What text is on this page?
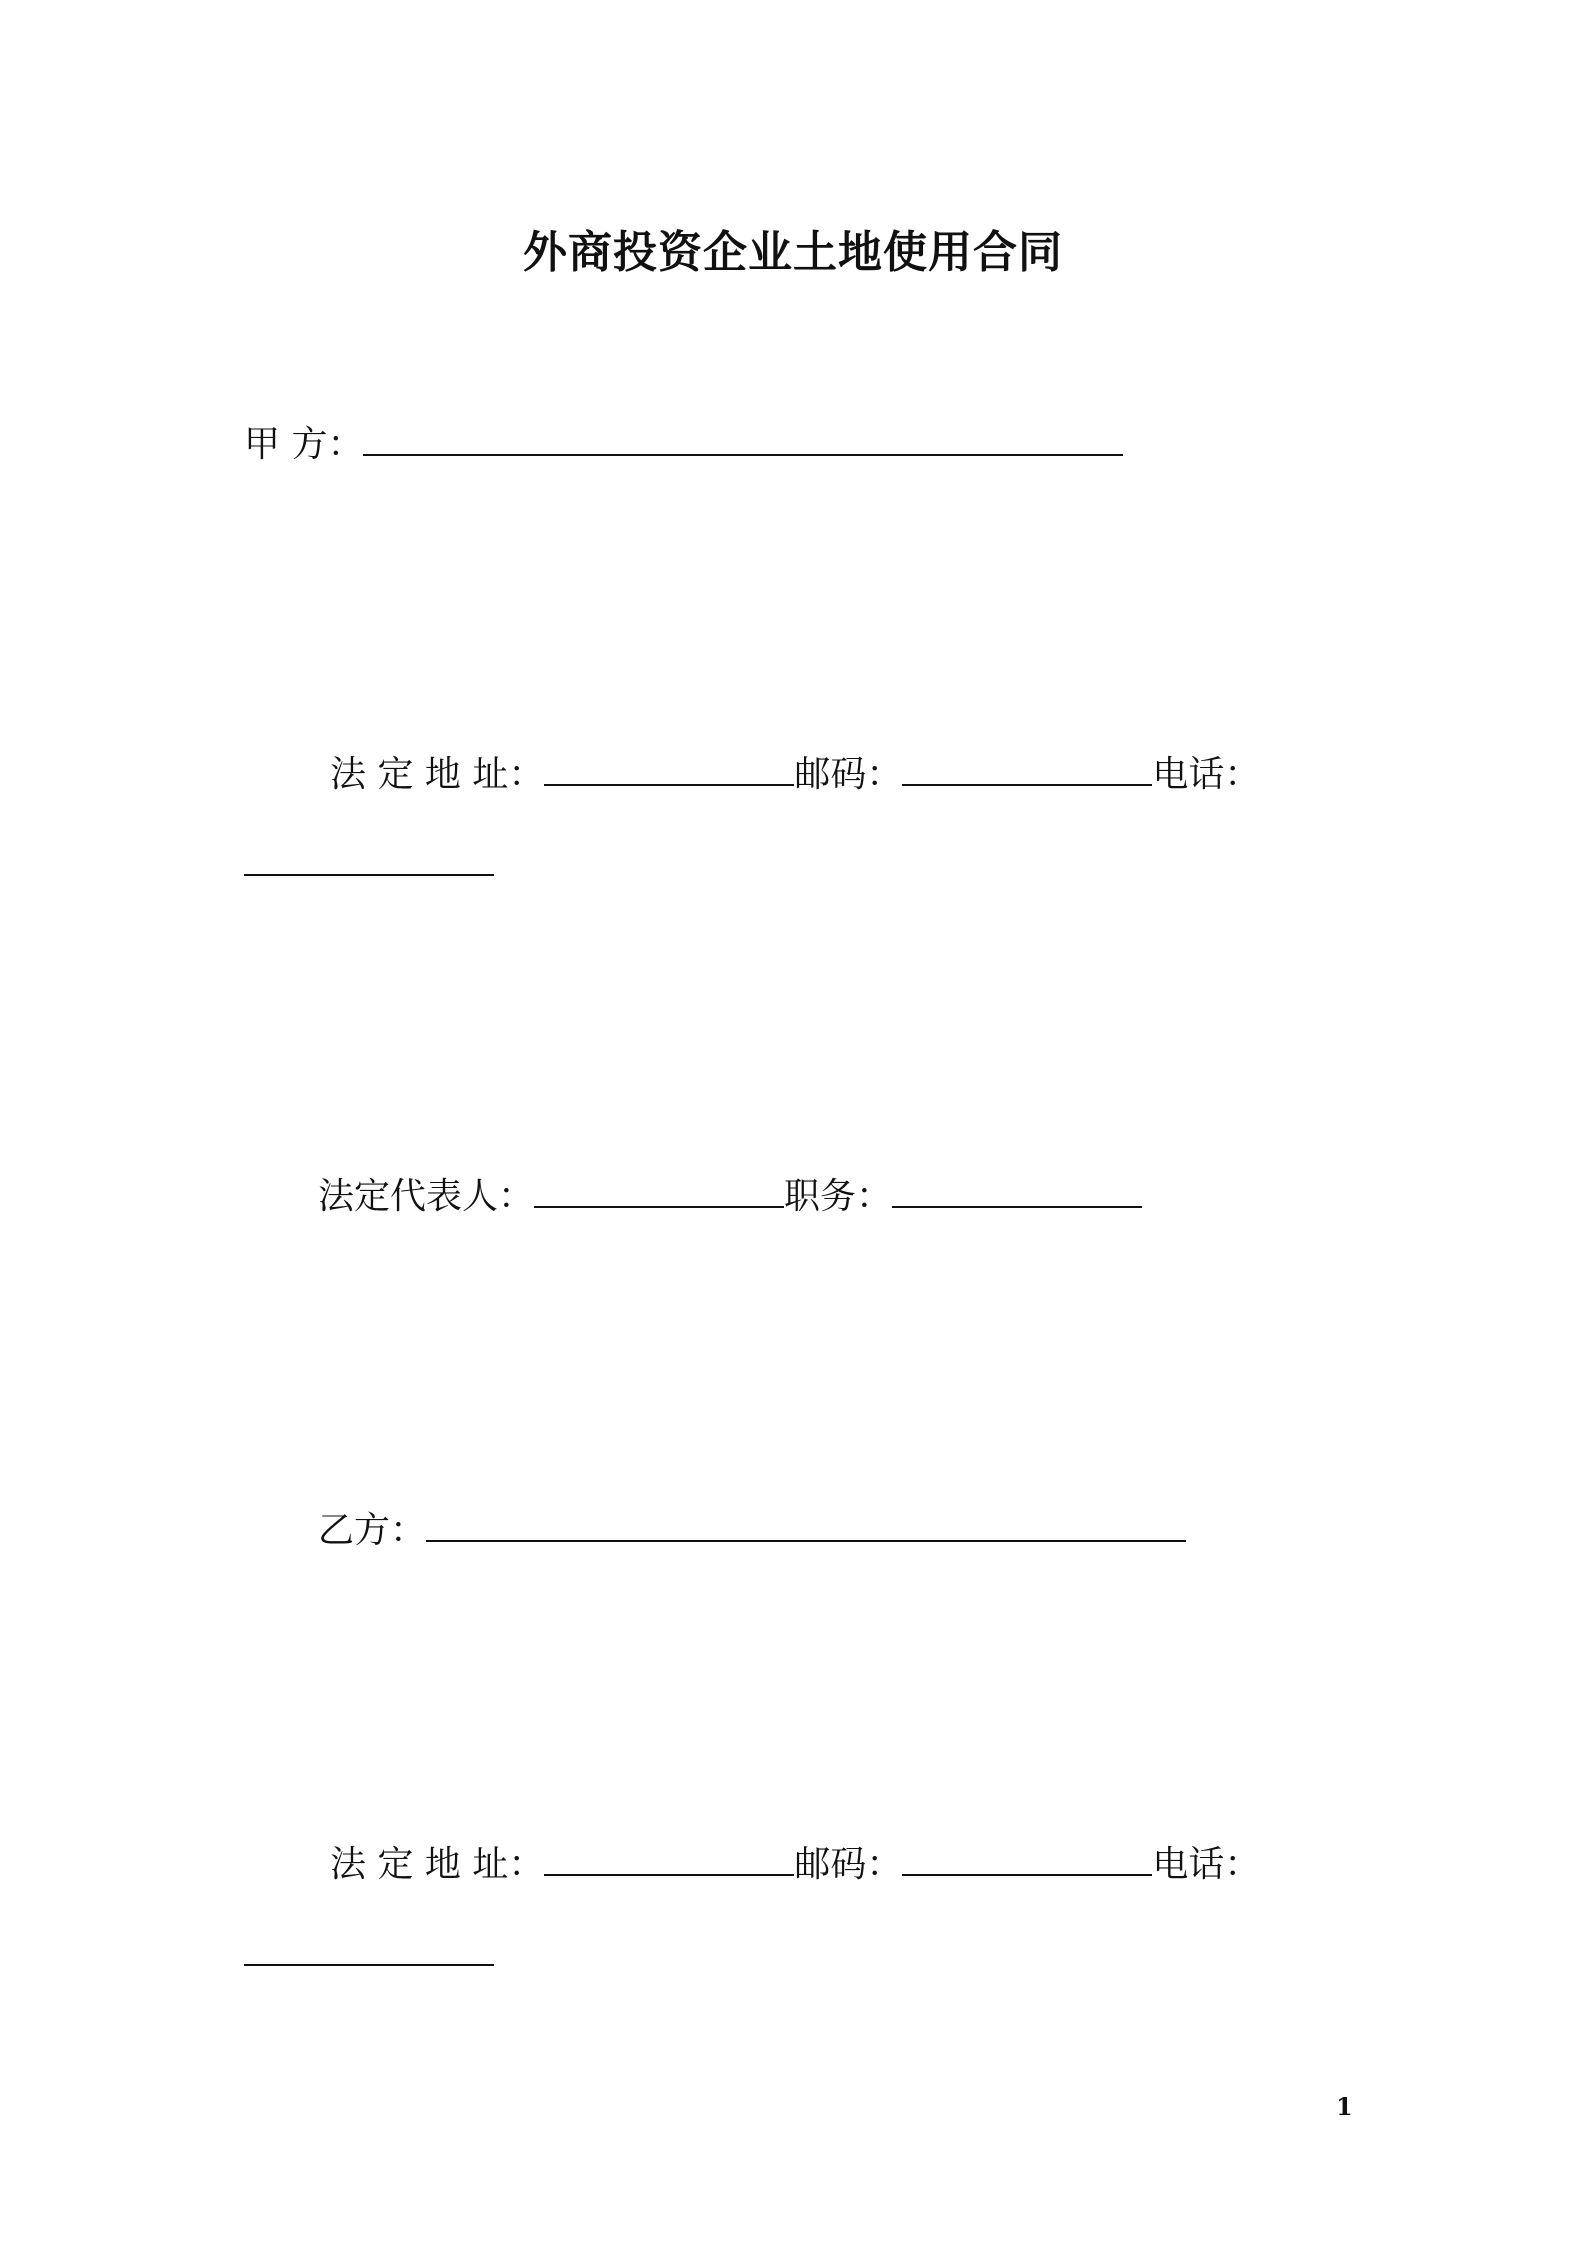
外商投资企业土地使用合同
甲 方：
法 定 地 址：	邮码：	电话：
法定代表人：	职务：
乙方：
法 定 地 址：	邮码：	电话：
1
